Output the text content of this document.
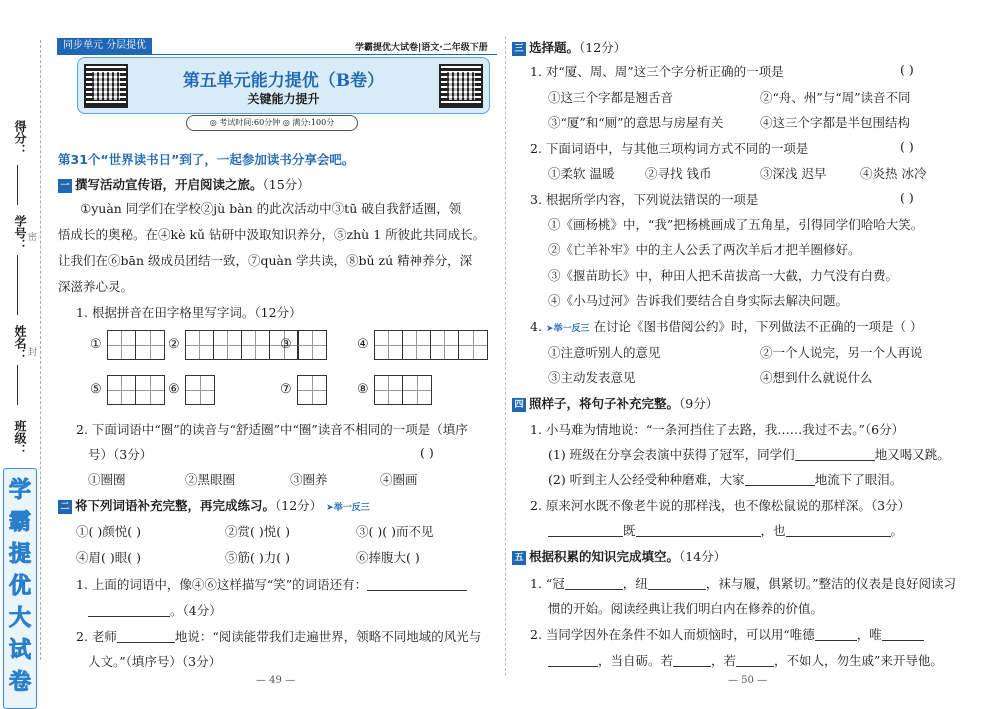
得分：
学号：
姓名：
班级：
密
封
学
霸
提
优
大
试
卷
同步单元 分层提优	学霸提优大试卷|语文·二年级下册
第五单元能力提优（B卷）
关键能力提升
◎ 考试时间:60分钟 ◎ 满分:100分
第31个“世界读书日”到了，一起参加读书分享会吧。
一 撰写活动宣传语，开启阅读之旅。（15分）
①yuàn 同学们在学校②jù bàn 的此次活动中③tū 破自我舒适圈，领
悟成长的奥秘。在④kè kǔ 钻研中汲取知识养分，⑤zhù 1 所彼此共同成长。
让我们在⑥bān 级成员团结一致，⑦quàn 学共读，⑧bǔ zú 精神养分，深
深滋养心灵。
1. 根据拼音在田字格里写字词。（12分）
①	②	③	④
⑤	⑥	⑦	⑧
2. 下面词语中“圈”的读音与“舒适圈”中“圈”读音不相同的一项是（填序
号）（3分）	( )
①圈圈	②黑眼圈	③圈养	④圈画
二 将下列词语补充完整，再完成练习。（12分） ➤举一反三
①( )颜悦( )	②赏( )悦( )	③( )( )而不见
④眉( )眼( )	⑤筋( )力( )	⑥捧腹大( )
1. 上面的词语中，像④⑥这样描写“笑”的词语还有：
。（4分）
2. 老师	地说：“阅读能带我们走遍世界，领略不同地域的风光与
人文。”（填序号）（3分）
— 49 —
三 选择题。（12分）
1. 对“厦、周、周”这三个字分析正确的一项是	( )
①这三个字都是翘舌音	②“舟、州”与“周”读音不同
③“厦”和“厕”的意思与房屋有关	④这三个字都是半包围结构
2. 下面词语中，与其他三项构词方式不同的一项是	( )
①柔软 温暖 ②寻找 钱币	③深浅 迟早	④炎热 冰冷
3. 根据所学内容，下列说法错误的一项是	( )
①《画杨桃》中，“我”把杨桃画成了五角星，引得同学们哈哈大笑。
②《亡羊补牢》中的主人公丢了两次羊后才把羊圈修好。
③《揠苗助长》中，种田人把禾苗拔高一大截，力气没有白费。
④《小马过河》告诉我们要结合自身实际去解决问题。
4. ➤举一反三 在讨论《图书借阅公约》时，下列做法不正确的一项是（ ）
①注意听别人的意见	②一个人说完，另一个人再说
③主动发表意见	④想到什么就说什么
四 照样子，将句子补充完整。（9分）
1. 小马难为情地说：“一条河挡住了去路，我……我过不去。”（6分）
(1) 班级在分享会表演中获得了冠军，同学们	地又喝又跳。
(2) 听到主人公经受种种磨难，大家	地流下了眼泪。
2. 原来河水既不像老牛说的那样浅，也不像松鼠说的那样深。（3分）
既	，也	。
五 根据积累的知识完成填空。（14分）
1. “冠	，纽	，袜与履，俱紧切。”整洁的仪表是良好阅读习
惯的开始。阅读经典让我们明白内在修养的价值。
2. 当同学因外在条件不如人而烦恼时，可以用“唯德	，唯
，当自砺。若	，若	，不如人，勿生戚”来开导他。
— 50 —
